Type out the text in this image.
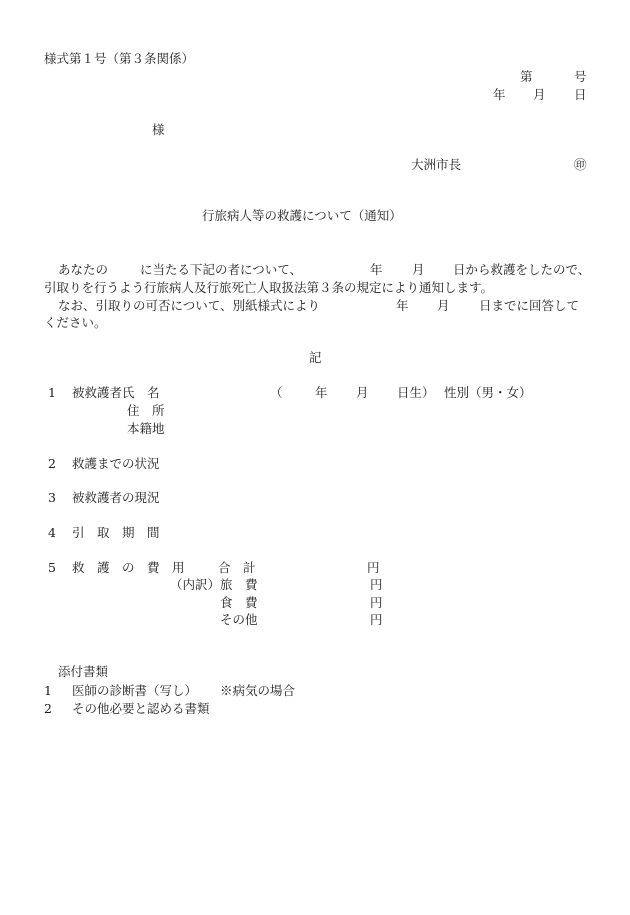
様式第１号（第３条関係）
第	号
年 月 日
様
大洲市長	㊞
行旅病人等の救護について（通知）
あなたの	に当たる下記の者について、	年 月 日から救護をしたので、
引取りを行うよう行旅病人及行旅死亡人取扱法第３条の規定により通知します。
なお、引取りの可否について、別紙様式により	年 月 日までに回答して
ください。
記
1 被救護者氏　名	（	年 月 日生） 性別（男・女）
住　所
本籍地
2 救護までの状況
3 被救護者の現況
4 引　取　期　間
5 救　護　の　費　用	合　計	円
（内訳） 旅　費	円
食　費	円
その他	円
添付書類
1 医師の診断書（写し） ※病気の場合
2 その他必要と認める書類
